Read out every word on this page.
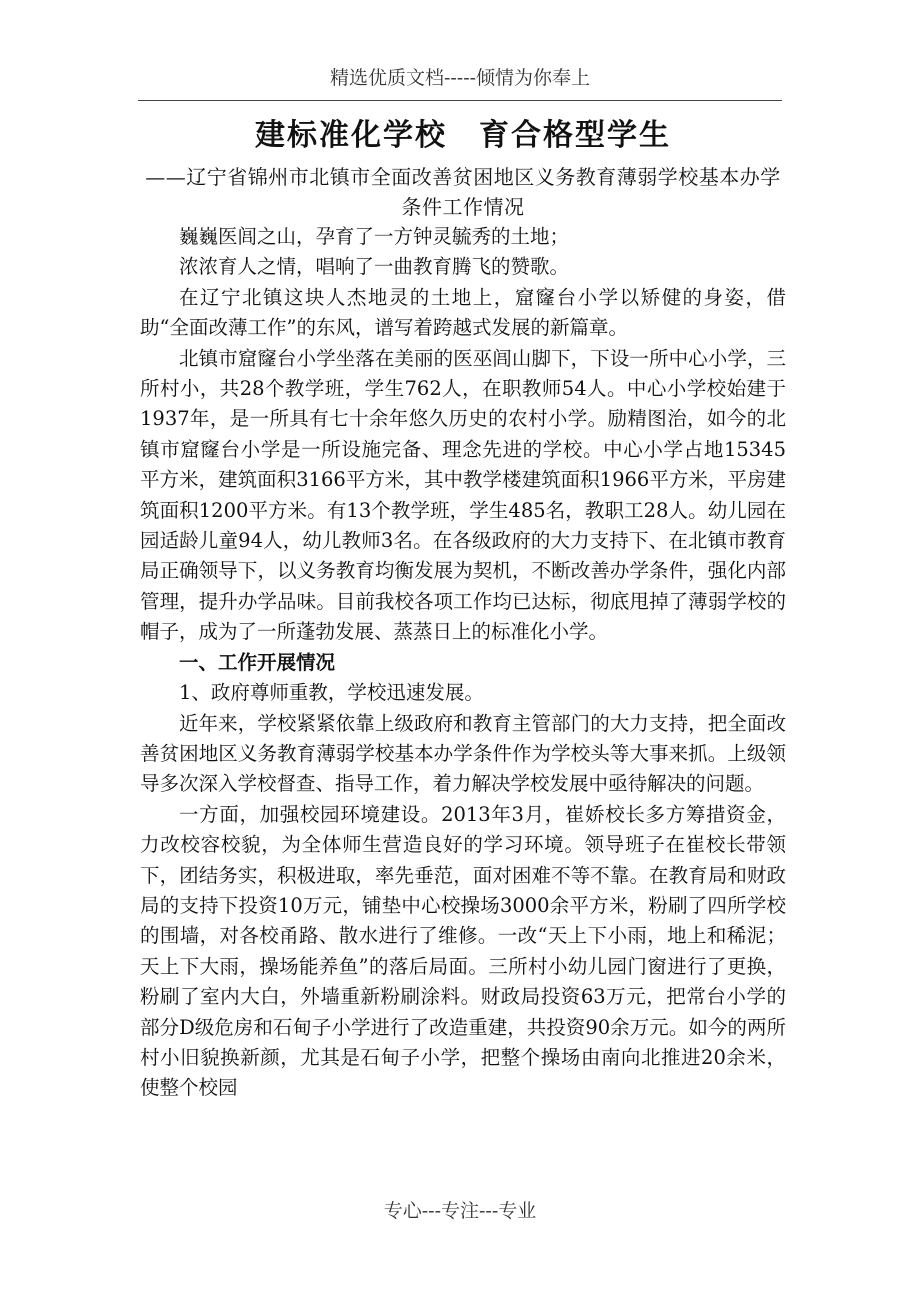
精选优质文档-----倾情为你奉上
建标准化学校　育合格型学生

——辽宁省锦州市北镇市全面改善贫困地区义务教育薄弱学校基本办学条件工作情况

巍巍医闾之山，孕育了一方钟灵毓秀的土地；

浓浓育人之情，唱响了一曲教育腾飞的赞歌。

在辽宁北镇这块人杰地灵的土地上，窟窿台小学以矫健的身姿，借助“全面改薄工作”的东风，谱写着跨越式发展的新篇章。

北镇市窟窿台小学坐落在美丽的医巫闾山脚下，下设一所中心小学，三所村小，共28个教学班，学生762人，在职教师54人。中心小学校始建于1937年，是一所具有七十余年悠久历史的农村小学。励精图治，如今的北镇市窟窿台小学是一所设施完备、理念先进的学校。中心小学占地15345平方米，建筑面积3166平方米，其中教学楼建筑面积1966平方米，平房建筑面积1200平方米。有13个教学班，学生485名，教职工28人。幼儿园在园适龄儿童94人，幼儿教师3名。在各级政府的大力支持下、在北镇市教育局正确领导下，以义务教育均衡发展为契机，不断改善办学条件，强化内部管理，提升办学品味。目前我校各项工作均已达标，彻底甩掉了薄弱学校的帽子，成为了一所蓬勃发展、蒸蒸日上的标准化小学。

一、工作开展情况

1、政府尊师重教，学校迅速发展。

近年来，学校紧紧依靠上级政府和教育主管部门的大力支持，把全面改善贫困地区义务教育薄弱学校基本办学条件作为学校头等大事来抓。上级领导多次深入学校督查、指导工作，着力解决学校发展中亟待解决的问题。

一方面，加强校园环境建设。2013年3月，崔娇校长多方筹措资金，力改校容校貌，为全体师生营造良好的学习环境。领导班子在崔校长带领下，团结务实，积极进取，率先垂范，面对困难不等不靠。在教育局和财政局的支持下投资10万元，铺垫中心校操场3000余平方米，粉刷了四所学校的围墙，对各校甬路、散水进行了维修。一改“天上下小雨，地上和稀泥；天上下大雨，操场能养鱼”的落后局面。三所村小幼儿园门窗进行了更换，粉刷了室内大白，外墙重新粉刷涂料。财政局投资63万元，把常台小学的部分D级危房和石甸子小学进行了改造重建，共投资90余万元。如今的两所村小旧貌换新颜，尤其是石甸子小学，把整个操场由南向北推进20余米，使整个校园

专心---专注---专业
